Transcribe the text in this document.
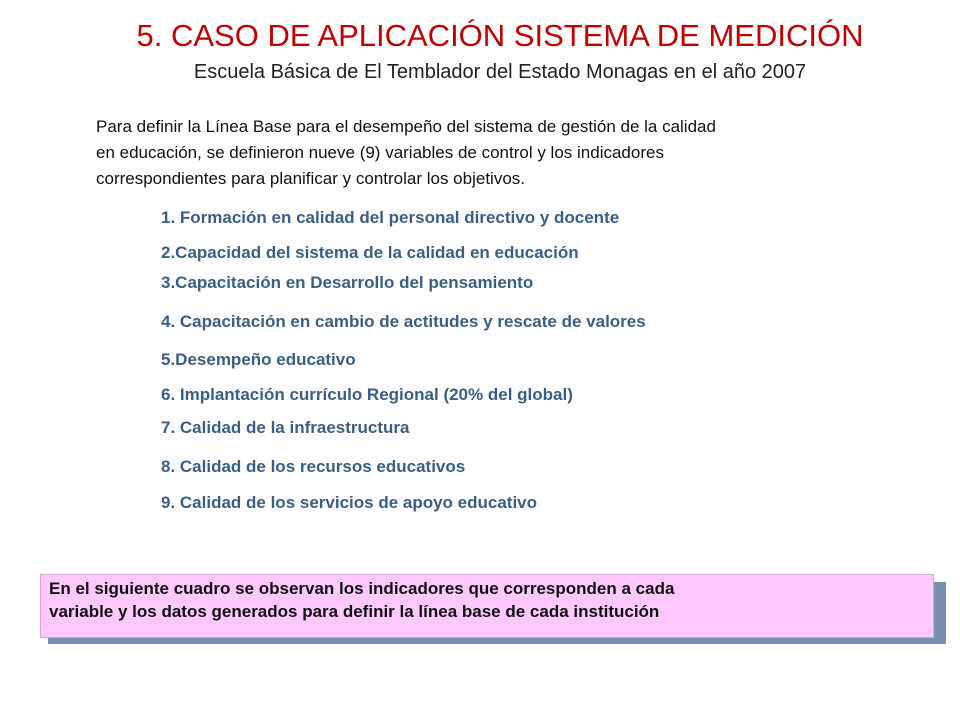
5. CASO DE APLICACIÓN SISTEMA DE MEDICIÓN
Escuela Básica de El Temblador del Estado Monagas en el año 2007
Para definir la Línea Base para el desempeño del sistema de gestión de la calidad
en educación, se definieron nueve (9) variables de control y los indicadores
correspondientes para planificar y controlar los objetivos.
1. Formación en calidad del personal directivo y docente
2.Capacidad del sistema de la calidad en educación
3.Capacitación en Desarrollo del pensamiento
4. Capacitación en cambio de actitudes y rescate de valores
5.Desempeño educativo
6. Implantación currículo Regional (20% del global)
7. Calidad de la infraestructura
8. Calidad de los recursos educativos
9. Calidad de los servicios de apoyo educativo
En el siguiente cuadro se observan los indicadores que corresponden a cada
variable y los datos generados para definir la línea base de cada institución
